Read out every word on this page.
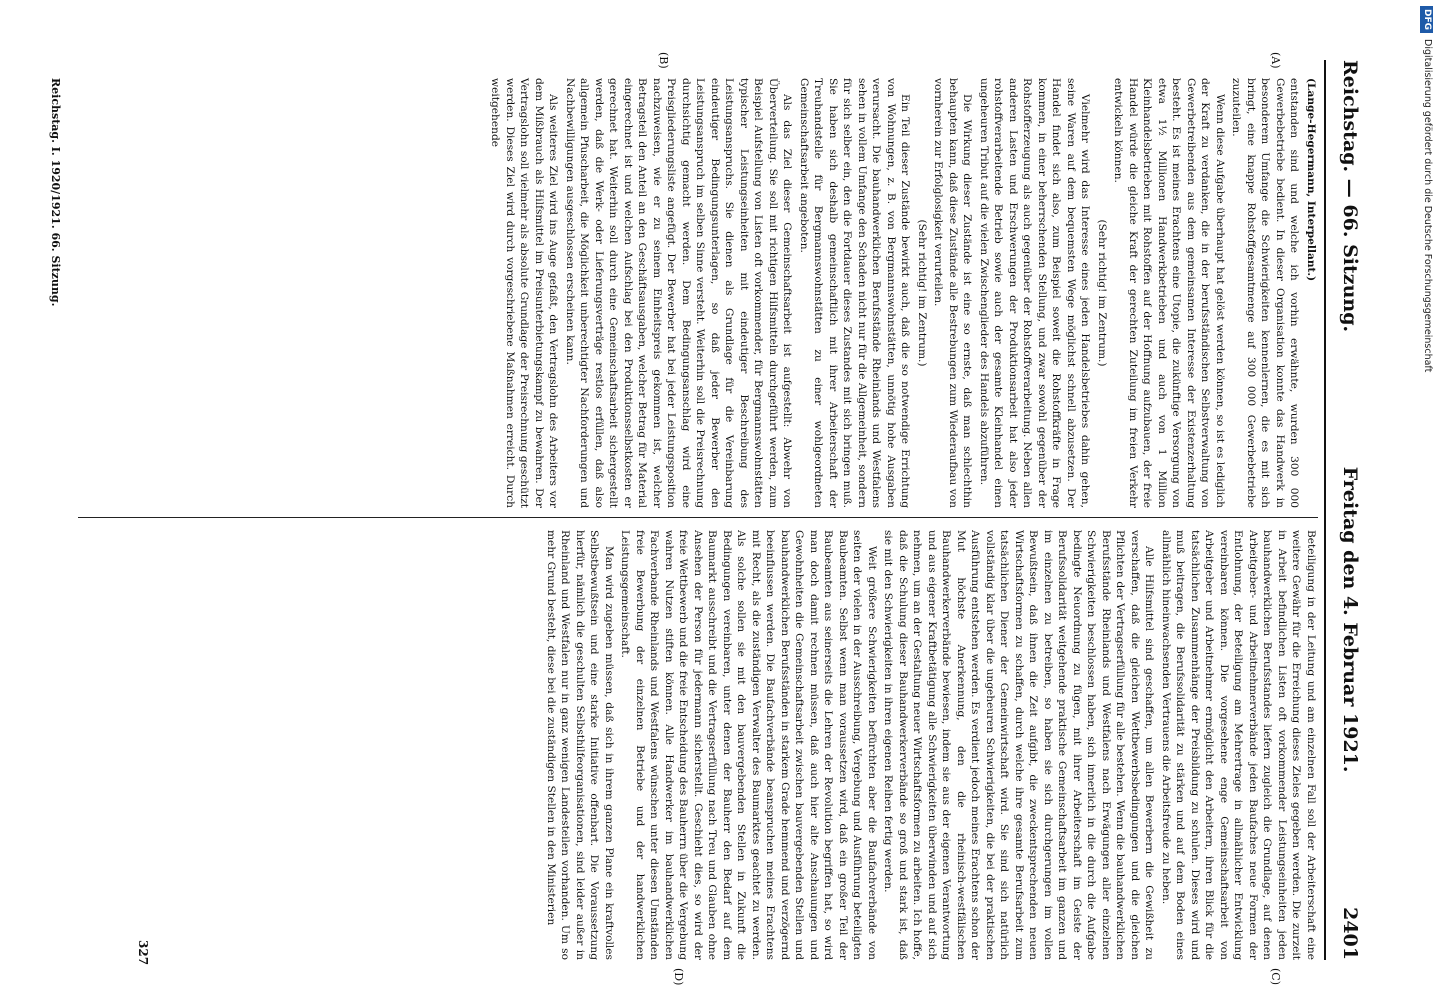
Reichstag. — 66. Sitzung.
Freitag den 4. Februar 1921.
2401
(A)
(B)
(C)
(D)

(Lange-Hegermann, Interpellant.)

entstanden sind und welche ich vorhin erwähnte, wurden 300 000 Gewerbebetriebe bedient. In dieser Organisation konnte das Handwerk in besonderem Umfange die Schwierigkeiten kennenlernen, die es mit sich bringt, eine knappe Rohstoffgesamtmenge auf 300 000 Gewerbebetriebe zuzuteilen.

Wenn diese Aufgabe überhaupt hat gelöst werden können, so ist es lediglich der Kraft zu verdanken, die in der berufsständischen Selbstverwaltung von Gewerbetreibenden aus dem gemeinsamen Interesse der Existenzerhaltung besteht. Es ist meines Erachtens eine Utopie, die zukünftige Versorgung von etwa 1½ Millionen Handwerkbetrieben und auch von 1 Million Kleinhandelsbetrieben mit Rohstoffen auf der Hoffnung aufzubauen, der freie Handel würde die gleiche Kraft der gerechten Zuteilung im freien Verkehr entwickeln können.

(Sehr richtig! im Zentrum.)

Vielmehr wird das Interesse eines jeden Handelsbetriebes dahin gehen, seine Waren auf dem bequemsten Wege möglichst schnell abzusetzen. Der Handel findet sich also, zum Beispiel soweit die Rohstoffkräfte in Frage kommen, in einer beherrschenden Stellung, und zwar sowohl gegenüber der Rohstofferzeugung als auch gegenüber der Rohstoffverarbeitung. Neben allen anderen Lasten und Erschwerungen der Produktionsarbeit hat also jeder rohstoffverarbeitende Betrieb sowie auch der gesamte Kleinhandel einen ungeheuren Tribut auf die vielen Zwischenglieder des Handels abzuführen.

Die Wirkung dieser Zustände ist eine so ernste, daß man schlechthin behaupten kann, daß diese Zustände alle Bestrebungen zum Wiederaufbau von vornherein zur Erfolglosigkeit verurteilen.

(Sehr richtig! im Zentrum.)

Ein Teil dieser Zustände bewirkt auch, daß die so notwendige Errichtung von Wohnungen, z. B. von Bergmannswohnstätten, unnötig hohe Ausgaben verursacht. Die bauhandwerklichen Berufsstände Rheinlands und Westfalens sehen in vollem Umfange den Schaden nicht nur für die Allgemeinheit, sondern für sich selber ein, den die Fortdauer dieses Zustandes mit sich bringen muß. Sie haben sich deshalb gemeinschaftlich mit ihrer Arbeiterschaft der Treuhandstelle für Bergmannswohnstätten zu einer wohlgeordneten Gemeinschaftsarbeit angeboten.

Als das Ziel dieser Gemeinschaftsarbeit ist aufgestellt: Abwehr von Überverteilung. Sie soll mit richtigen Hilfsmitteln durchgeführt werden, zum Beispiel Aufstellung von Listen oft vorkommender, für Bergmannswohnstätten typischer Leistungseinheiten mit eindeutiger Beschreibung des Leistungsanspruchs. Sie dienen als Grundlage für die Vereinbarung eindeutiger Bedingungsunterlagen, so daß jeder Bewerber den Leistungsanspruch im selben Sinne versteht. Weiterhin soll die Preisrechnung durchsichtig gemacht werden. Dem Bedingungsanschlag wird eine Preisgliederungsliste angefügt. Der Bewerber hat bei jeder Leistungsposition nachzuweisen, wie er zu seinem Einheitspreis gekommen ist, welcher Betragsteil den Anteil an den Geschäftsausgaben, welcher Betrag für Material eingerechnet ist und welchen Aufschlag bei den Produktionsselbstkosten er gerechnet hat. Weiterhin soll durch eine Gemeinschaftsarbeit sichergestellt werden, daß die Werk- oder Lieferungsverträge restlos erfüllen, daß also allgemein Pfuscharbeit, die Möglichkeit unberechtigter Nachforderungen und Nachbewilligungen ausgeschlossen erscheinen kann.

Als weiteres Ziel wird ins Auge gefaßt, den Vertragslohn des Arbeiters vor dem Mißbrauch als Hilfsmittel im Preisunterbietungskampf zu bewahren. Der Vertragslohn soll vielmehr als absolute Grundlage der Preisrechnung geschützt werden. Dieses Ziel wird durch vorgeschriebene Maßnahmen erreicht. Durch weitgehende

Beteiligung in der Leitung und am einzelnen Fall soll der Arbeiterschaft eine weitere Gewähr für die Erreichung dieses Zieles gegeben werden. Die zurzeit in Arbeit befindlichen Listen oft vorkommender Leistungseinheiten jeden bauhandwerklichen Berufsstandes liefern zugleich die Grundlage, auf denen Arbeitgeber- und Arbeitnehmerverbände jeden Baufaches neue Formen der Entlohnung, der Beteiligung am Mehrertrage in allmählicher Entwicklung vereinbaren können. Die vorgesehene enge Gemeinschaftsarbeit von Arbeitgeber und Arbeitnehmer ermöglicht den Arbeitern, ihren Blick für die tatsächlichen Zusammenhänge der Preisbildung zu schulen. Dieses wird und muß beitragen, die Berufssolidarität zu stärken und auf dem Boden eines allmählich hineinwachsenden Vertrauens die Arbeitsfreude zu heben.

Alle Hilfsmittel sind geschaffen, um allen Bewerbern die Gewißheit zu verschaffen, daß die gleichen Wettbewerbsbedingungen und die gleichen Pflichten der Vertragserfüllung für alle bestehen. Wenn die bauhandwerklichen Berufsstände Rheinlands und Westfalens nach Erwägungen aller einzelnen Schwierigkeiten beschlossen haben, sich innerlich in die durch die Aufgabe bedingte Neuordnung zu fügen, mit ihrer Arbeiterschaft im Geiste der Berufssolidarität weitgehende praktische Gemeinschaftsarbeit im ganzen und im einzelnen zu betreiben, so haben sie sich durchgerungen im vollen Bewußtsein, daß ihnen die Zeit aufgibt, die zweckentsprechenden neuen Wirtschaftsformen zu schaffen, durch welche ihre gesamte Berufsarbeit zum tatsächlichen Diener der Gemeinwirtschaft wird. Sie sind sich natürlich vollständig klar über die ungeheuren Schwierigkeiten, die bei der praktischen Ausführung entstehen werden. Es verdient jedoch meines Erachtens schon der Mut höchste Anerkennung, den die rheinisch-westfälischen Bauhandwerkerverbände bewiesen, indem sie aus der eigenen Verantwortung und aus eigener Kraftbetätigung alle Schwierigkeiten überwinden und auf sich nehmen, um an der Gestaltung neuer Wirtschaftsformen zu arbeiten. Ich hoffe, daß die Schulung dieser Bauhandwerkerverbände so groß und stark ist, daß sie mit den Schwierigkeiten in ihren eigenen Reihen fertig werden.

Weit größere Schwierigkeiten befürchten aber die Baufachverbände von seiten der vielen in der Ausschreibung, Vergebung und Ausführung beteiligten Baubeamten. Selbst wenn man voraussetzen wird, daß ein großer Teil der Baubeamten aus seinerseits die Lehren der Revolution begriffen hat, so wird man doch damit rechnen müssen, daß auch hier alte Anschauungen und Gewohnheiten die Gemeinschaftsarbeit zwischen bauvergebenden Stellen und bauhandwerklichen Berufsständen in starkem Grade hemmend und verzögernd beeinflussen werden. Die Baufachverbände beanspruchen meines Erachtens mit Recht, als die zuständigen Verwalter des Baumarktes geachtet zu werden. Als solche sollen sie mit den bauvergebenden Stellen in Zukunft die Bedingungen vereinbaren, unter denen der Bauherr den Bedarf auf dem Baumarkt ausschreibt und die Vertragserfüllung nach Treu und Glauben ohne Ansehen der Person für jedermann sicherstellt. Geschieht dies, so wird der freie Wettbewerb und die freie Entscheidung des Bauherrn über die Vergebung wahren Nutzen stiften können. Alle Handwerker im bauhandwerklichen Fachverbande Rheinlands und Westfalens wünschen unter diesen Umständen freie Bewerbung der einzelnen Betriebe und der handwerklichen Leistungsgemeinschaft.

Man wird zugeben müssen, daß sich in ihrem ganzen Plane ein kraftvolles Selbstbewußtsein und eine starke Initiative offenbart. Die Voraussetzung hierfür, nämlich die geschulten Selbsthilfeorganisationen, sind leider außer in Rheinland und Westfalen nur in ganz wenigen Landesteilen vorhanden. Um so mehr Grund besteht, diese bei die zuständigen Stellen in den Ministerien

Reichstag. I. 1920/1921. 66. Sitzung.
327
DFG
Digitalisierung gefördert durch die Deutsche Forschungsgemeinschaft
